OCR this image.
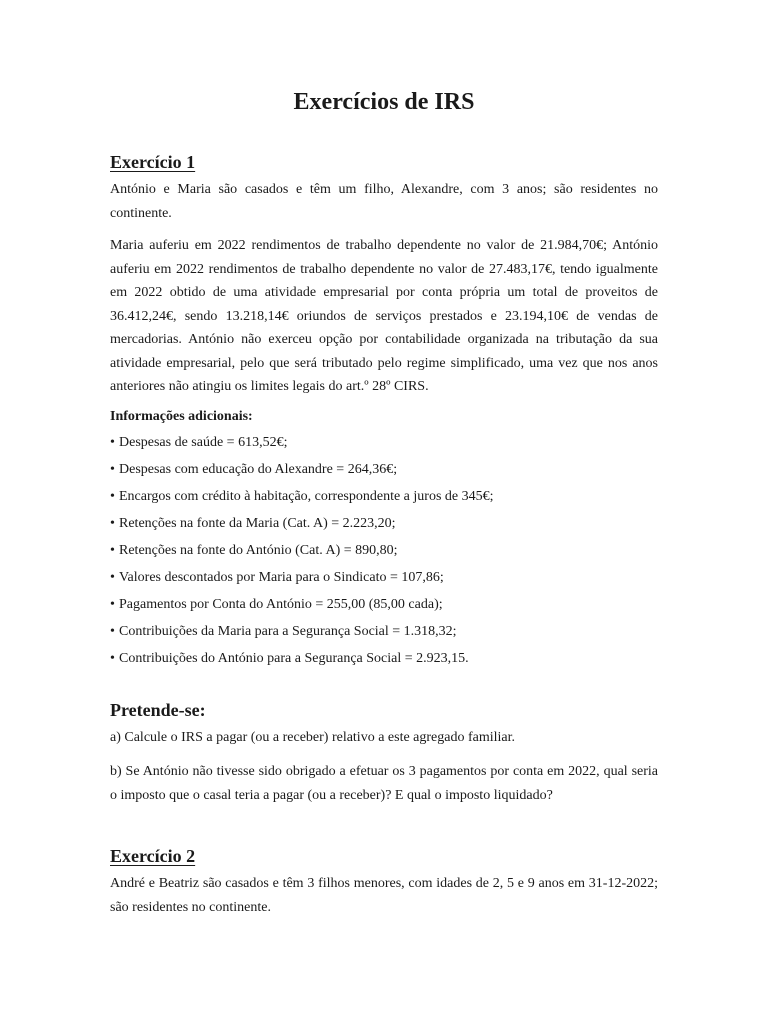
Exercícios de IRS
Exercício 1

António e Maria são casados e têm um filho, Alexandre, com 3 anos; são residentes no continente.

Maria auferiu em 2022 rendimentos de trabalho dependente no valor de 21.984,70€; António auferiu em 2022 rendimentos de trabalho dependente no valor de 27.483,17€, tendo igualmente em 2022 obtido de uma atividade empresarial por conta própria um total de proveitos de 36.412,24€, sendo 13.218,14€ oriundos de serviços prestados e 23.194,10€ de vendas de mercadorias. António não exerceu opção por contabilidade organizada na tributação da sua atividade empresarial, pelo que será tributado pelo regime simplificado, uma vez que nos anos anteriores não atingiu os limites legais do art.º 28º CIRS.

Informações adicionais:

• Despesas de saúde = 613,52€;
• Despesas com educação do Alexandre = 264,36€;
• Encargos com crédito à habitação, correspondente a juros de 345€;
• Retenções na fonte da Maria (Cat. A) = 2.223,20;
• Retenções na fonte do António (Cat. A) = 890,80;
• Valores descontados por Maria para o Sindicato = 107,86;
• Pagamentos por Conta do António = 255,00 (85,00 cada);
• Contribuições da Maria para a Segurança Social = 1.318,32;
• Contribuições do António para a Segurança Social = 2.923,15.
Pretende-se:

a) Calcule o IRS a pagar (ou a receber) relativo a este agregado familiar.

b) Se António não tivesse sido obrigado a efetuar os 3 pagamentos por conta em 2022, qual seria o imposto que o casal teria a pagar (ou a receber)? E qual o imposto liquidado?

Exercício 2

André e Beatriz são casados e têm 3 filhos menores, com idades de 2, 5 e 9 anos em 31-12-2022; são residentes no continente.
